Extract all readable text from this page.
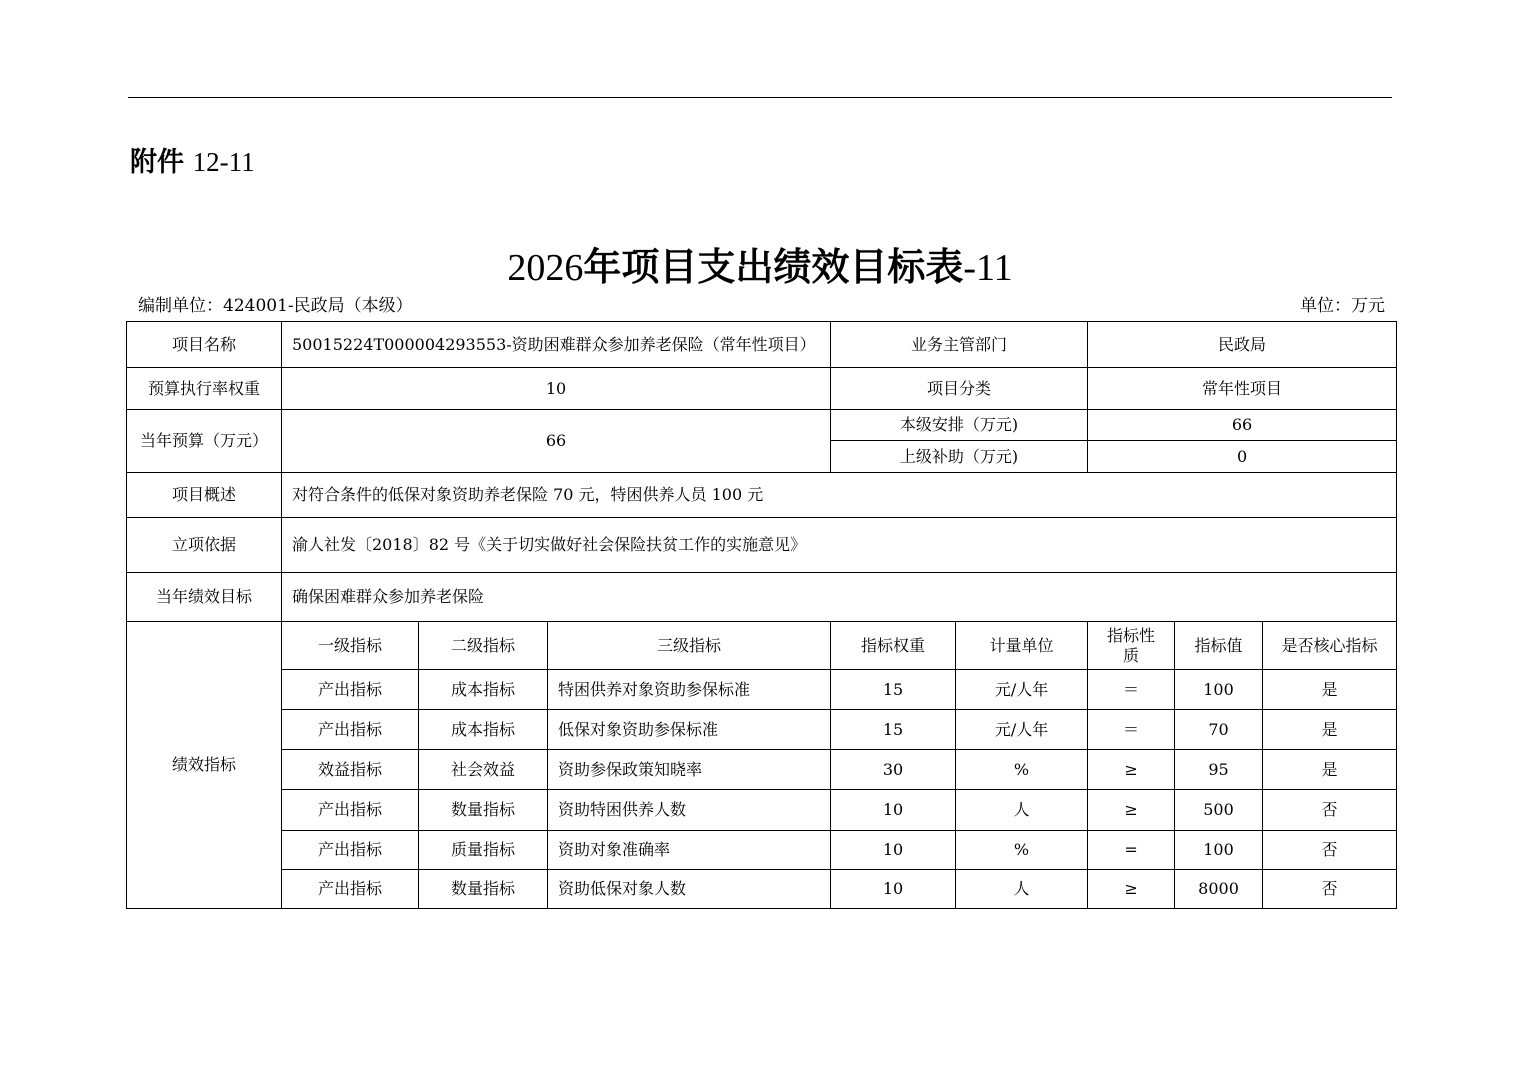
附件 12-11
2026年项目支出绩效目标表-11
编制单位：424001-民政局（本级）	单位：万元
项目名称	50015224T000004293553-资助困难群众参加养老保险（常年性项目）			业务主管部门		民政局		
预算执行率权重	10			项目分类		常年性项目		
当年预算（万元）	66			本级安排（万元)		66		
				上级补助（万元)		0		
项目概述	对符合条件的低保对象资助养老保险 70 元，特困供养人员 100 元							
立项依据	渝人社发〔2018〕82 号《关于切实做好社会保险扶贫工作的实施意见》							
当年绩效目标	确保困难群众参加养老保险							
绩效指标	一级指标	二级指标	三级指标	指标权重	计量单位	指标性质	指标值	是否核心指标
	产出指标	成本指标	特困供养对象资助参保标准	15	元/人年	＝	100	是
	产出指标	成本指标	低保对象资助参保标准	15	元/人年	＝	70	是
	效益指标	社会效益	资助参保政策知晓率	30	%	≥	95	是
	产出指标	数量指标	资助特困供养人数	10	人	≥	500	否
	产出指标	质量指标	资助对象准确率	10	%	=	100	否
	产出指标	数量指标	资助低保对象人数	10	人	≥	8000	否
